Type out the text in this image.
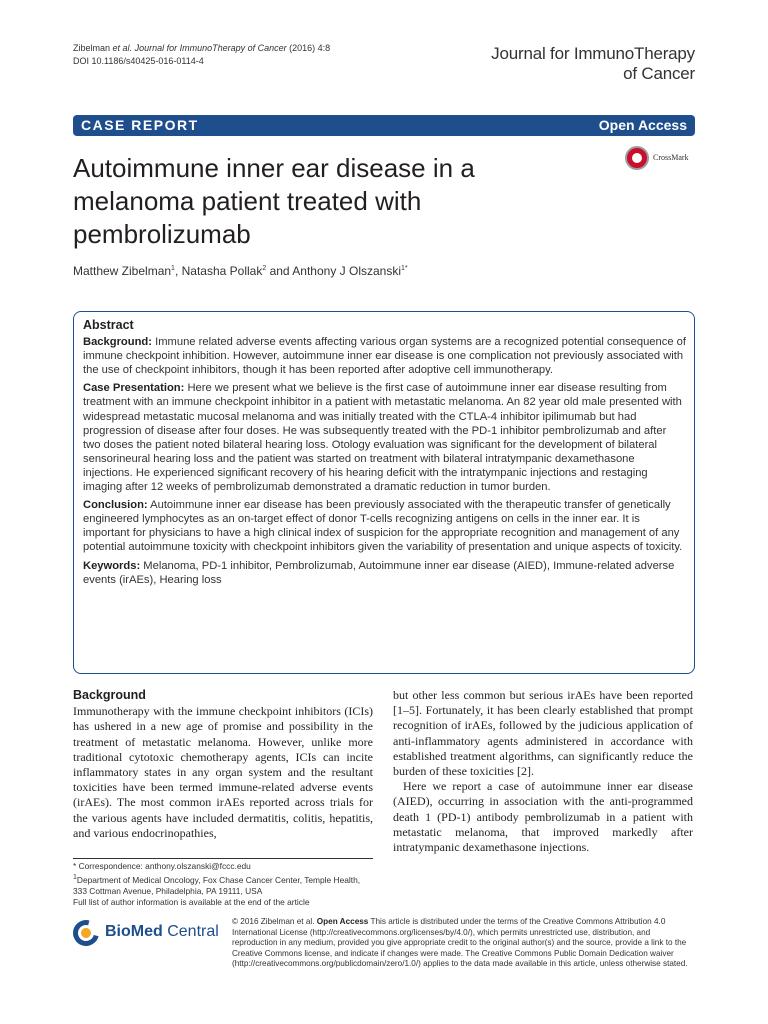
Zibelman et al. Journal for ImmunoTherapy of Cancer (2016) 4:8
DOI 10.1186/s40425-016-0114-4	Journal for ImmunoTherapy
of Cancer
CASE REPORT	Open Access
Autoimmune inner ear disease in a melanoma patient treated with pembrolizumab
CrossMark
Matthew Zibelman$^1$, Natasha Pollak$^2$ and Anthony J Olszanski$^{1*}$
Abstract

Background: Immune related adverse events affecting various organ systems are a recognized potential consequence of immune checkpoint inhibition. However, autoimmune inner ear disease is one complication not previously associated with the use of checkpoint inhibitors, though it has been reported after adoptive cell immunotherapy.

Case Presentation: Here we present what we believe is the first case of autoimmune inner ear disease resulting from treatment with an immune checkpoint inhibitor in a patient with metastatic melanoma. An 82 year old male presented with widespread metastatic mucosal melanoma and was initially treated with the CTLA-4 inhibitor ipilimumab but had progression of disease after four doses. He was subsequently treated with the PD-1 inhibitor pembrolizumab and after two doses the patient noted bilateral hearing loss. Otology evaluation was significant for the development of bilateral sensorineural hearing loss and the patient was started on treatment with bilateral intratympanic dexamethasone injections. He experienced significant recovery of his hearing deficit with the intratympanic injections and restaging imaging after 12 weeks of pembrolizumab demonstrated a dramatic reduction in tumor burden.

Conclusion: Autoimmune inner ear disease has been previously associated with the therapeutic transfer of genetically engineered lymphocytes as an on-target effect of donor T-cells recognizing antigens on cells in the inner ear. It is important for physicians to have a high clinical index of suspicion for the appropriate recognition and management of any potential autoimmune toxicity with checkpoint inhibitors given the variability of presentation and unique aspects of toxicity.

Keywords: Melanoma, PD-1 inhibitor, Pembrolizumab, Autoimmune inner ear disease (AIED), Immune-related adverse events (irAEs), Hearing loss

Background

Immunotherapy with the immune checkpoint inhibitors (ICIs) has ushered in a new age of promise and possibility in the treatment of metastatic melanoma. However, unlike more traditional cytotoxic chemotherapy agents, ICIs can incite inflammatory states in any organ system and the resultant toxicities have been termed immune-related adverse events (irAEs). The most common irAEs reported across trials for the various agents have included dermatitis, colitis, hepatitis, and various endocrinopathies,

but other less common but serious irAEs have been reported [1–5]. Fortunately, it has been clearly established that prompt recognition of irAEs, followed by the judicious application of anti-inflammatory agents administered in accordance with established treatment algorithms, can significantly reduce the burden of these toxicities [2].

Here we report a case of autoimmune inner ear disease (AIED), occurring in association with the anti-programmed death 1 (PD-1) antibody pembrolizumab in a patient with metastatic melanoma, that improved markedly after intratympanic dexamethasone injections.

* Correspondence: anthony.olszanski@fccc.edu
$^1$Department of Medical Oncology, Fox Chase Cancer Center, Temple Health, 333 Cottman Avenue, Philadelphia, PA 19111, USA
Full list of author information is available at the end of the article
BioMed Central
© 2016 Zibelman et al. Open Access This article is distributed under the terms of the Creative Commons Attribution 4.0 International License (http://creativecommons.org/licenses/by/4.0/), which permits unrestricted use, distribution, and reproduction in any medium, provided you give appropriate credit to the original author(s) and the source, provide a link to the Creative Commons license, and indicate if changes were made. The Creative Commons Public Domain Dedication waiver (http://creativecommons.org/publicdomain/zero/1.0/) applies to the data made available in this article, unless otherwise stated.
